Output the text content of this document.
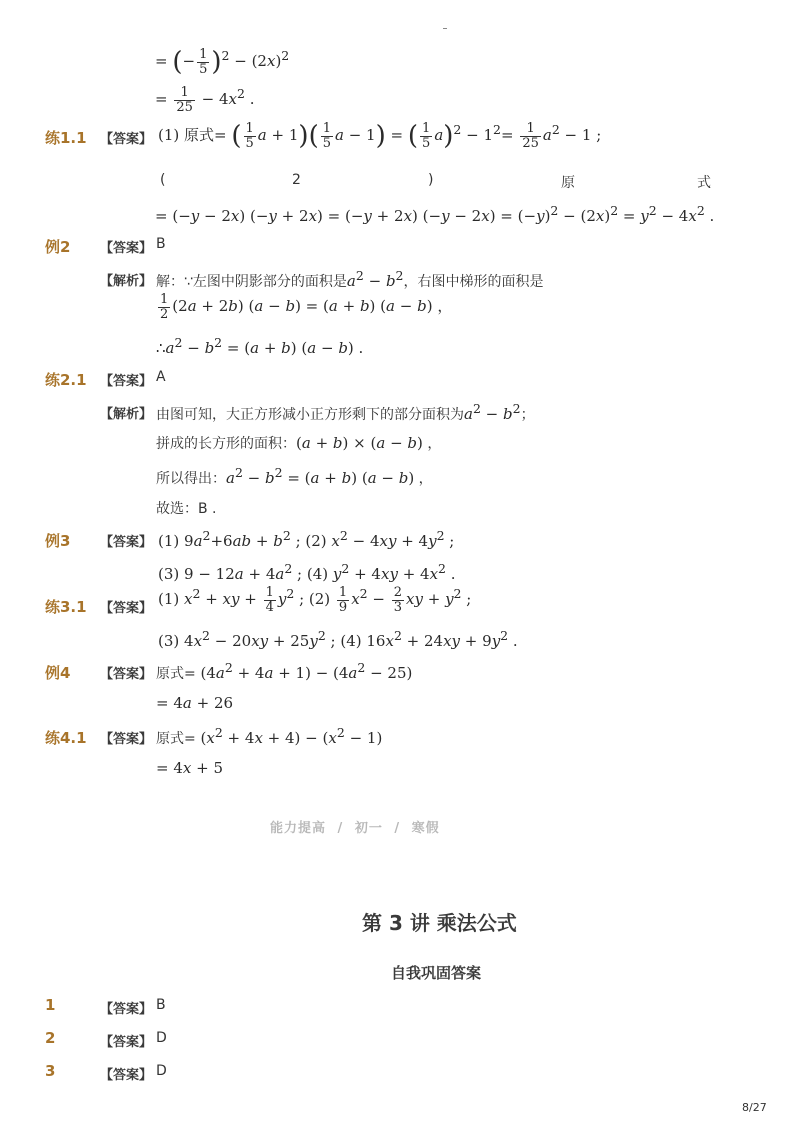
= (− $\frac{1}{5} )^2 - (2x)^2$
= $\frac{1}{25} - 4x^2$ .
练1.1 【答案】 (1) 原式= ( $\frac{1}{5}$ $a + 1)( \frac{1}{5}$ a − 1) = ( $\frac{1}{5} a)^2 - 1^2= \frac{1}{25} a^2 - 1$ ;
(	2	)	原	式
= (−y − 2x) (−y + 2x) = (−y + 2x) $(-y - 2x) = (-y)^2 - (2x)^2 = y^2 - 4x^2$ .
例2 【答案】 B
【解析】 解：∵左图中阴影部分的面积是$a^2 - b^2$，右图中梯形的面积是
$\frac{1}{2} (2a + 2b) (a - b) = (a + b) (a - b)$ ，
$\therefore a^2 - b^2 = (a + b) (a - b)$ .
练2.1 【答案】 A
【解析】 由图可知，大正方形减小正方形剩下的部分面积为$a^2 - b^2$；
拼成的长方形的面积：(a + b) × (a − b) ，
所以得出：$a^2 - b^2 = (a + b) (a - b)$ ，
故选：B .
例3 【答案】 (1) $9a^2+6ab + b^2$ ; (2) $x^2 - 4xy + 4y^2$ ;
(3) $9 - 12a + 4a^2$ ; (4) $y^2 + 4xy + 4x^2$ .
练3.1 【答案】
(1) $x^2$ + xy + $\frac{1}{4} y^2$ ; $(2) \frac{1}{9} x^2 - \frac{2}{3}$ xy + $y^2$ ;
(3) $4x^2 - 20xy + 25y^2$ ; (4) $16x^2 + 24xy + 9y^2$ .
例4 【答案】 原式= $(4a^2 + 4a + 1) - (4a^2 - 25)$
= 4a + 26
练4.1 【答案】 原式= $(x^2 + 4x + 4) - (x^2 - 1)$
= 4x + 5
能力提高 / 初一 / 寒假
第 3 讲 乘法公式
自我巩固答案
1	【答案】 B
2	【答案】 D
3	【答案】 D
8/27
